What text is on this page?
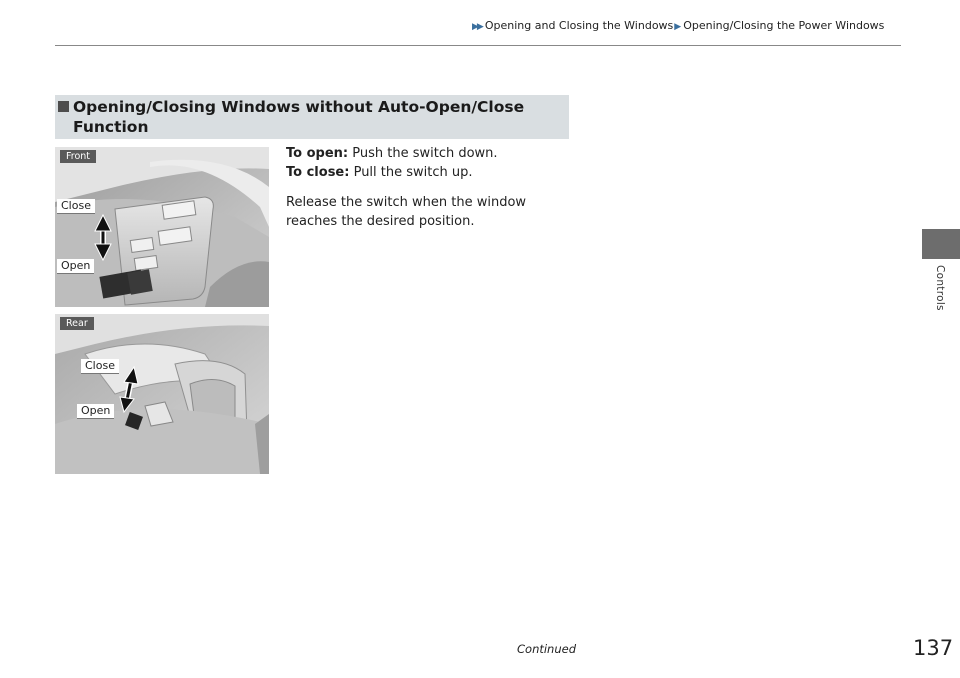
▶▶ Opening and Closing the Windows▶ Opening/Closing the Power Windows
Opening/Closing Windows without Auto-Open/Close Function
Front
Close
Open
Rear
Close
Open

To open: Push the switch down.

To close: Pull the switch up.

Release the switch when the window reaches the desired position.

Controls
Continued	137
